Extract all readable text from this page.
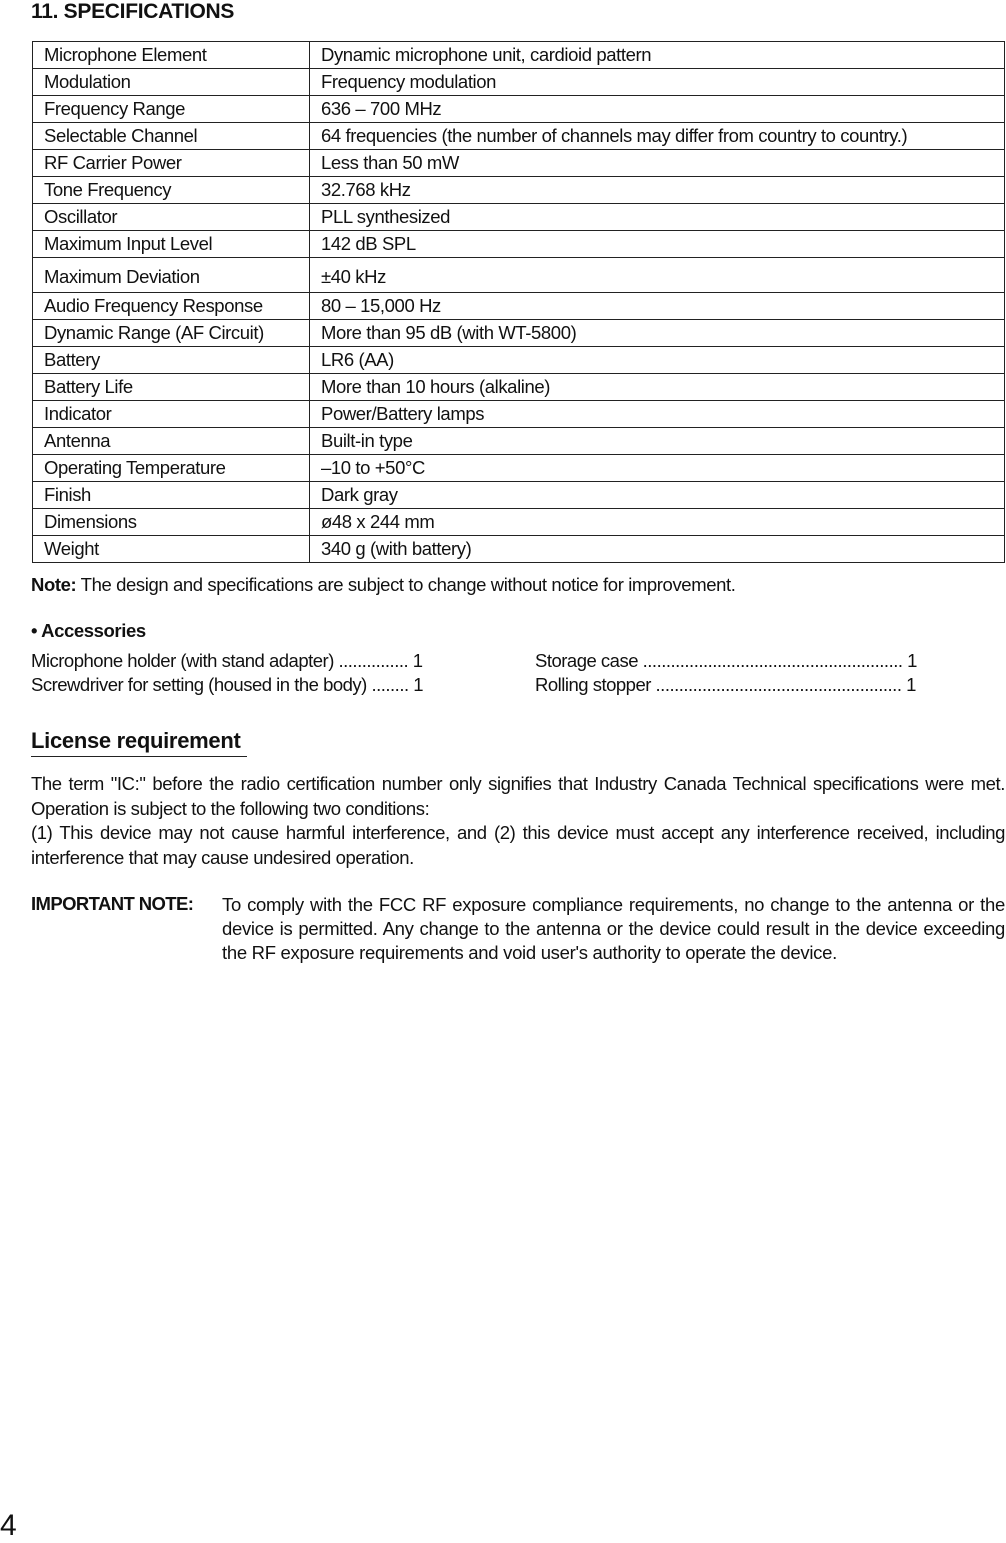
11. SPECIFICATIONS
Microphone Element	Dynamic microphone unit, cardioid pattern
Modulation	Frequency modulation
Frequency Range	636 – 700 MHz
Selectable Channel	64 frequencies (the number of channels may differ from country to country.)
RF Carrier Power	Less than 50 mW
Tone Frequency	32.768 kHz
Oscillator	PLL synthesized
Maximum Input Level	142 dB SPL
Maximum Deviation	±40 kHz
Audio Frequency Response	80 – 15,000 Hz
Dynamic Range (AF Circuit)	More than 95 dB (with WT-5800)
Battery	LR6 (AA)
Battery Life	More than 10 hours (alkaline)
Indicator	Power/Battery lamps
Antenna	Built-in type
Operating Temperature	–10 to +50°C
Finish	Dark gray
Dimensions	ø48 x 244 mm
Weight	340 g (with battery)
Note: The design and specifications are subject to change without notice for improvement.
• Accessories
Microphone holder (with stand adapter) ............... 1
Screwdriver for setting (housed in the body) ........ 1
Storage case ........................................................ 1
Rolling stopper ..................................................... 1
License requirement
The term "IC:" before the radio certification number only signifies that Industry Canada Technical specifications were met. Operation is subject to the following two conditions:
(1) This device may not cause harmful interference, and (2) this device must accept any interference received, including interference that may cause undesired operation.
IMPORTANT NOTE: To comply with the FCC RF exposure compliance requirements, no change to the antenna or the device is permitted. Any change to the antenna or the device could result in the device exceeding the RF exposure requirements and void user's authority to operate the device.
4
